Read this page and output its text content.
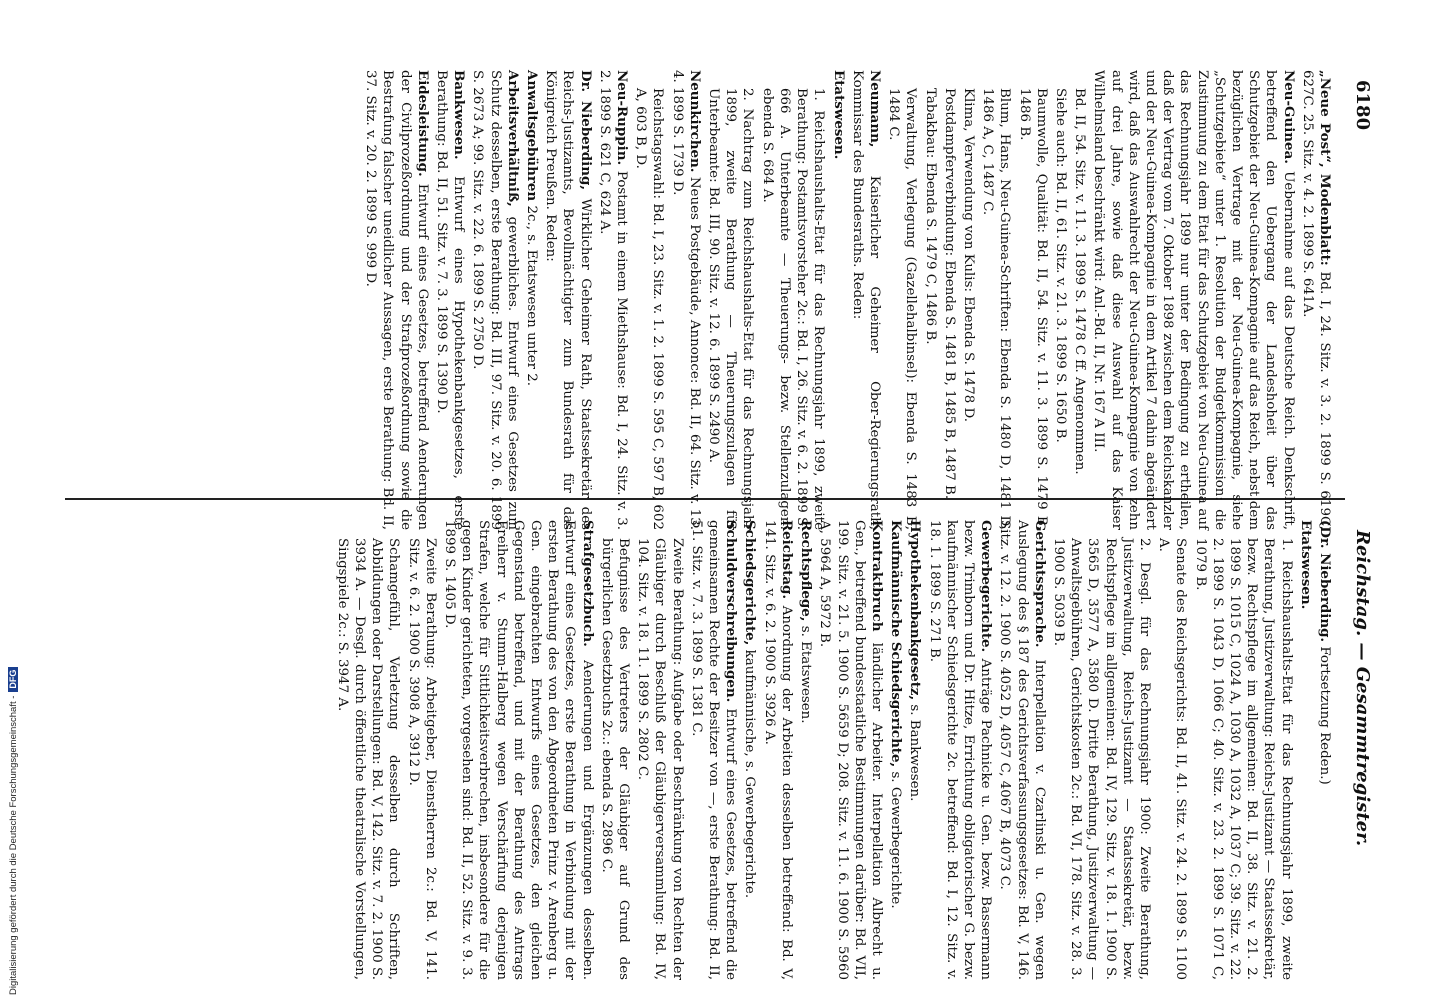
6180
Reichstag. — Gesammtregister.
„Neue Post“, Modenblatt: Bd. I, 24. Sitz. v. 3. 2. 1899 S. 619C, 627C. 25. Sitz. v. 4. 2. 1899 S. 641A.
Neu-Guinea. Uebernahme auf das Deutsche Reich. Denkschrift, betreffend den Uebergang der Landeshoheit über das Schutzgebiet der Neu-Guinea-Kompagnie auf das Reich, nebst dem bezüglichen Vertrage mit der Neu-Guinea-Kompagnie, siehe „Schutzgebiete“ unter 1. Resolution der Budgetkommission: die Zustimmung zu dem Etat für das Schutzgebiet von Neu-Guinea auf das Rechnungsjahr 1899 nur unter der Bedingung zu ertheilen, daß der Vertrag vom 7. Oktober 1898 zwischen dem Reichskanzler und der Neu-Guinea-Kompagnie in dem Artikel 7 dahin abgeändert wird, daß das Auswahlrecht der Neu-Guinea-Kompagnie von zehn auf drei Jahre, sowie daß diese Auswahl auf das Kaiser Wilhelmsland beschränkt wird: Anl.-Bd. II, Nr. 167 A III.
Bd. II, 54. Sitz. v. 11. 3. 1899 S. 1478 C ff. Angenommen.
Siehe auch: Bd. II, 61. Sitz. v. 21. 3. 1899 S. 1650 B.
Baumwolle, Qualität: Bd. II, 54. Sitz. v. 11. 3. 1899 S. 1479 B, 1486 B.
Blum, Hans, Neu-Guinea-Schriften: Ebenda S. 1480 D, 1481 D, 1486 A, C, 1487 C.
Klima, Verwendung von Kulis: Ebenda S. 1478 D.
Postdampferverbindung: Ebenda S. 1481 B, 1485 B, 1487 B.
Tabakbau: Ebenda S. 1479 C, 1486 B.
Verwaltung, Verlegung (Gazellehalbinsel): Ebenda S. 1483 B, 1484 C.
Neumann, Kaiserlicher Geheimer Ober-Regierungsrath, Kommissar des Bundesraths. Reden:
Etatswesen.
1. Reichshaushalts-Etat für das Rechnungsjahr 1899, zweite Berathung: Postamtsvorsteher 2c.: Bd. I, 26. Sitz. v. 6. 2. 1899 S. 666 A. Unterbeamte — Theuerungs- bezw. Stellenzulagen: ebenda S. 684 A.
2. Nachtrag zum Reichshaushalts-Etat für das Rechnungsjahr 1899, zweite Berathung — Theuerungszulagen für Unterbeamte: Bd. III, 90. Sitz. v. 12. 6. 1899 S. 2490 A.
Neunkirchen. Neues Postgebäude, Annonce: Bd. II, 64. Sitz. v. 13. 4. 1899 S. 1739 D.
Reichstagswahl: Bd. I, 23. Sitz. v. 1. 2. 1899 S. 595 C, 597 B, 602 A, 603 B, D.
Neu-Ruppin. Postamt in einem Miethshause: Bd. I, 24. Sitz. v. 3. 2. 1899 S. 621 C, 624 A.
Dr. Nieberding, Wirklicher Geheimer Rath, Staatssekretär des Reichs-Justizamts, Bevollmächtigter zum Bundesrath für das Königreich Preußen. Reden:
Anwaltsgebühren 2c., s. Etatswesen unter 2.
Arbeitsverhältniß, gewerbliches. Entwurf eines Gesetzes zum Schutz desselben, erste Berathung: Bd. III, 97. Sitz. v. 20. 6. 1899 S. 2673 A; 99. Sitz. v. 22. 6. 1899 S. 2750 D.
Bankwesen. Entwurf eines Hypothekenbankgesetzes, erste Berathung: Bd. II, 51. Sitz. v. 7. 3. 1899 S. 1390 D.
Eidesleistung. Entwurf eines Gesetzes, betreffend Aenderungen der Civilprozeßordnung und der Strafprozeßordnung sowie die Bestrafung falscher uneidlicher Aussagen, erste Berathung: Bd. II, 37. Sitz. v. 20. 2. 1899 S. 999 D.
(Dr. Nieberding. Fortsetzung Reden.)
Etatswesen.
1. Reichshaushalts-Etat für das Rechnungsjahr 1899, zweite Berathung, Justizverwaltung: Reichs-Justizamt — Staatssekretär, bezw. Rechtspflege im allgemeinen: Bd. II, 38. Sitz. v. 21. 2. 1899 S. 1015 C, 1024 A, 1030 A, 1032 A, 1037 C; 39. Sitz. v. 22. 2. 1899 S. 1043 D, 1066 C; 40. Sitz. v. 23. 2. 1899 S. 1071 C, 1079 B.
Senate des Reichsgerichts: Bd. II, 41. Sitz. v. 24. 2. 1899 S. 1100 A.
2. Desgl. für das Rechnungsjahr 1900: Zweite Berathung, Justizverwaltung, Reichs-Justizamt — Staatssekretär, bezw. Rechtspflege im allgemeinen: Bd. IV, 129. Sitz. v. 18. 1. 1900 S. 3565 D, 3577 A, 3580 D. Dritte Berathung, Justizverwaltung — Anwaltsgebühren, Gerichtskosten 2c.: Bd. VI, 178. Sitz. v. 28. 3. 1900 S. 5039 B.
Gerichtssprache. Interpellation v. Czarlinski u. Gen. wegen Auslegung des § 187 des Gerichtsverfassungsgesetzes: Bd. V, 146. Sitz. v. 12. 2. 1900 S. 4052 D, 4057 C, 4067 B, 4073 C.
Gewerbegerichte. Anträge Pachnicke u. Gen. bezw. Bassermann bezw. Trimborn und Dr. Hitze, Errichtung obligatorischer G. bezw. kaufmännischer Schiedsgerichte 2c. betreffend: Bd. I, 12. Sitz. v. 18. 1. 1899 S. 271 B.
Hypothekenbankgesetz, s. Bankwesen.
Kaufmännische Schiedsgerichte, s. Gewerbegerichte.
Kontraktbruch ländlicher Arbeiter. Interpellation Albrecht u. Gen., betreffend bundesstaatliche Bestimmungen darüber: Bd. VII, 199. Sitz. v. 21. 5. 1900 S. 5659 D; 208. Sitz. v. 11. 6. 1900 S. 5960 A, 5964 A, 5972 B.
Rechtspflege, s. Etatswesen.
Reichstag. Anordnung der Arbeiten desselben betreffend: Bd. V, 141. Sitz. v. 6. 2. 1900 S. 3926 A.
Schiedsgerichte, kaufmännische, s. Gewerbegerichte.
Schuldverschreibungen. Entwurf eines Gesetzes, betreffend die gemeinsamen Rechte der Besitzer von —, erste Berathung: Bd. II, 51. Sitz. v. 7. 3. 1899 S. 1381 C.
Zweite Berathung: Aufgabe oder Beschränkung von Rechten der Gläubiger durch Beschluß der Gläubigerversammlung: Bd. IV, 104. Sitz. v. 18. 11. 1899 S. 2802 C.
Befugnisse des Vertreters der Gläubiger auf Grund des bürgerlichen Gesetzbuchs 2c.: ebenda S. 2896 C.
Strafgesetzbuch. Aenderungen und Ergänzungen desselben. Entwurf eines Gesetzes, erste Berathung in Verbindung mit der ersten Berathung des von den Abgeordneten Prinz v. Arenberg u. Gen. eingebrachten Entwurfs eines Gesetzes, den gleichen Gegenstand betreffend, und mit der Berathung des Antrags Freiherr v. Stumm-Halberg wegen Verschärfung derjenigen Strafen, welche für Sittlichkeitsverbrechen, insbesondere für die gegen Kinder gerichteten, vorgesehen sind: Bd. II, 52. Sitz. v. 9. 3. 1899 S. 1405 D.
Zweite Berathung: Arbeitgeber, Dienstherren 2c.: Bd. V, 141. Sitz. v. 6. 2. 1900 S. 3908 A, 3912 D.
Schamgefühl, Verletzung desselben durch Schriften, Abbildungen oder Darstellungen: Bd. V, 142. Sitz. v. 7. 2. 1900 S. 3934 A. — Desgl. durch öffentliche theatralische Vorstellungen, Singspiele 2c.: S. 3947 A.
Digitalisierung gefördert durch die Deutsche Forschungsgemeinschaft -DFG
